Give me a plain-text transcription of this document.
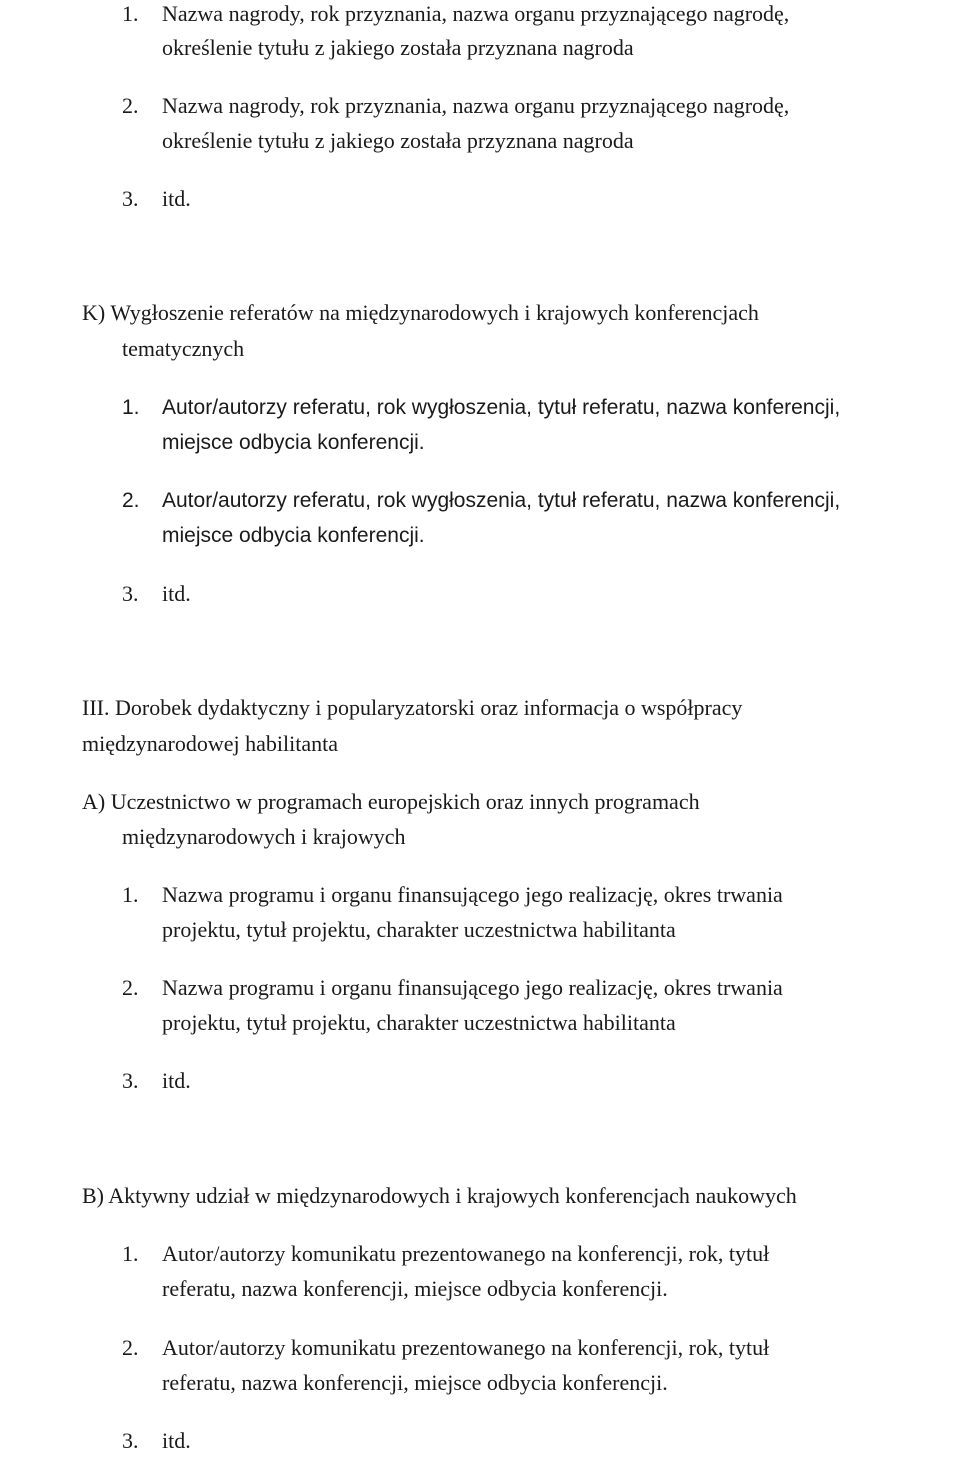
1. Nazwa nagrody, rok przyznania, nazwa organu przyznającego nagrodę,
określenie tytułu z jakiego została przyznana nagroda
2. Nazwa nagrody, rok przyznania, nazwa organu przyznającego nagrodę,
określenie tytułu z jakiego została przyznana nagroda
3. itd.
K) Wygłoszenie referatów na międzynarodowych i krajowych konferencjach
tematycznych
1. Autor/autorzy referatu, rok wygłoszenia, tytuł referatu, nazwa konferencji,
miejsce odbycia konferencji.
2. Autor/autorzy referatu, rok wygłoszenia, tytuł referatu, nazwa konferencji,
miejsce odbycia konferencji.
3. itd.
III. Dorobek dydaktyczny i popularyzatorski oraz informacja o współpracy
międzynarodowej habilitanta
A) Uczestnictwo w programach europejskich oraz innych programach
międzynarodowych i krajowych
1. Nazwa programu i organu finansującego jego realizację, okres trwania
projektu, tytuł projektu, charakter uczestnictwa habilitanta
2. Nazwa programu i organu finansującego jego realizację, okres trwania
projektu, tytuł projektu, charakter uczestnictwa habilitanta
3. itd.
B) Aktywny udział w międzynarodowych i krajowych konferencjach naukowych
1. Autor/autorzy komunikatu prezentowanego na konferencji, rok, tytuł
referatu, nazwa konferencji, miejsce odbycia konferencji.
2. Autor/autorzy komunikatu prezentowanego na konferencji, rok, tytuł
referatu, nazwa konferencji, miejsce odbycia konferencji.
3. itd.
